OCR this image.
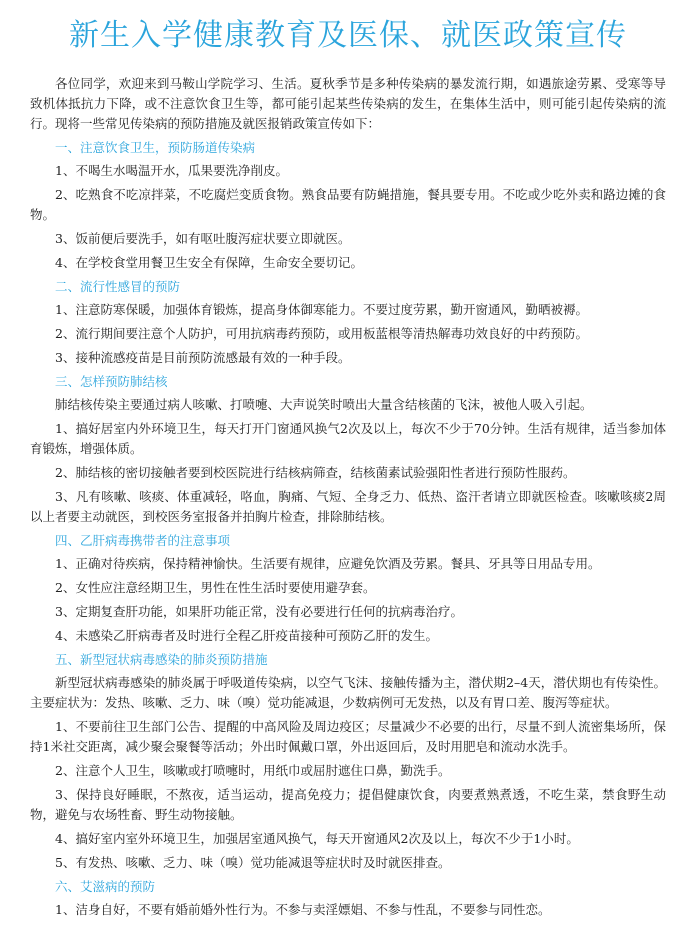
新生入学健康教育及医保、就医政策宣传

各位同学，欢迎来到马鞍山学院学习、生活。夏秋季节是多种传染病的暴发流行期，如遇旅途劳累、受寒等导致机体抵抗力下降，或不注意饮食卫生等，都可能引起某些传染病的发生，在集体生活中，则可能引起传染病的流行。现将一些常见传染病的预防措施及就医报销政策宣传如下：

一、注意饮食卫生，预防肠道传染病

1、不喝生水喝温开水，瓜果要洗净削皮。

2、吃熟食不吃凉拌菜，不吃腐烂变质食物。熟食品要有防蝇措施，餐具要专用。不吃或少吃外卖和路边摊的食物。

3、饭前便后要洗手，如有呕吐腹泻症状要立即就医。

4、在学校食堂用餐卫生安全有保障，生命安全要切记。

二、流行性感冒的预防

1、注意防寒保暖，加强体育锻炼，提高身体御寒能力。不要过度劳累，勤开窗通风，勤晒被褥。

2、流行期间要注意个人防护，可用抗病毒药预防，或用板蓝根等清热解毒功效良好的中药预防。

3、接种流感疫苗是目前预防流感最有效的一种手段。

三、怎样预防肺结核

肺结核传染主要通过病人咳嗽、打喷嚏、大声说笑时喷出大量含结核菌的飞沫，被他人吸入引起。

1、搞好居室内外环境卫生，每天打开门窗通风换气2次及以上，每次不少于70分钟。生活有规律，适当参加体育锻炼，增强体质。

2、肺结核的密切接触者要到校医院进行结核病筛查，结核菌素试验强阳性者进行预防性服药。

3、凡有咳嗽、咳痰、体重减轻，咯血，胸痛、气短、全身乏力、低热、盗汗者请立即就医检查。咳嗽咳痰2周以上者要主动就医，到校医务室报备并拍胸片检查，排除肺结核。

四、乙肝病毒携带者的注意事项

1、正确对待疾病，保持精神愉快。生活要有规律，应避免饮酒及劳累。餐具、牙具等日用品专用。

2、女性应注意经期卫生，男性在性生活时要使用避孕套。

3、定期复查肝功能，如果肝功能正常，没有必要进行任何的抗病毒治疗。

4、未感染乙肝病毒者及时进行全程乙肝疫苗接种可预防乙肝的发生。

五、新型冠状病毒感染的肺炎预防措施

新型冠状病毒感染的肺炎属于呼吸道传染病，以空气飞沫、接触传播为主，潜伏期2–4天，潜伏期也有传染性。主要症状为：发热、咳嗽、乏力、味（嗅）觉功能减退，少数病例可无发热，以及有胃口差、腹泻等症状。

1、不要前往卫生部门公告、提醒的中高风险及周边疫区；尽量减少不必要的出行，尽量不到人流密集场所，保持1米社交距离，减少聚会聚餐等活动；外出时佩戴口罩，外出返回后，及时用肥皂和流动水洗手。

2、注意个人卫生，咳嗽或打喷嚏时，用纸巾或屈肘遮住口鼻，勤洗手。

3、保持良好睡眠，不熬夜，适当运动，提高免疫力；提倡健康饮食，肉要煮熟煮透，不吃生菜，禁食野生动物，避免与农场牲畜、野生动物接触。

4、搞好室内室外环境卫生，加强居室通风换气，每天开窗通风2次及以上，每次不少于1小时。

5、有发热、咳嗽、乏力、味（嗅）觉功能减退等症状时及时就医排查。

六、艾滋病的预防

1、洁身自好，不要有婚前婚外性行为。不参与卖淫嫖娼、不参与性乱，不要参与同性恋。
